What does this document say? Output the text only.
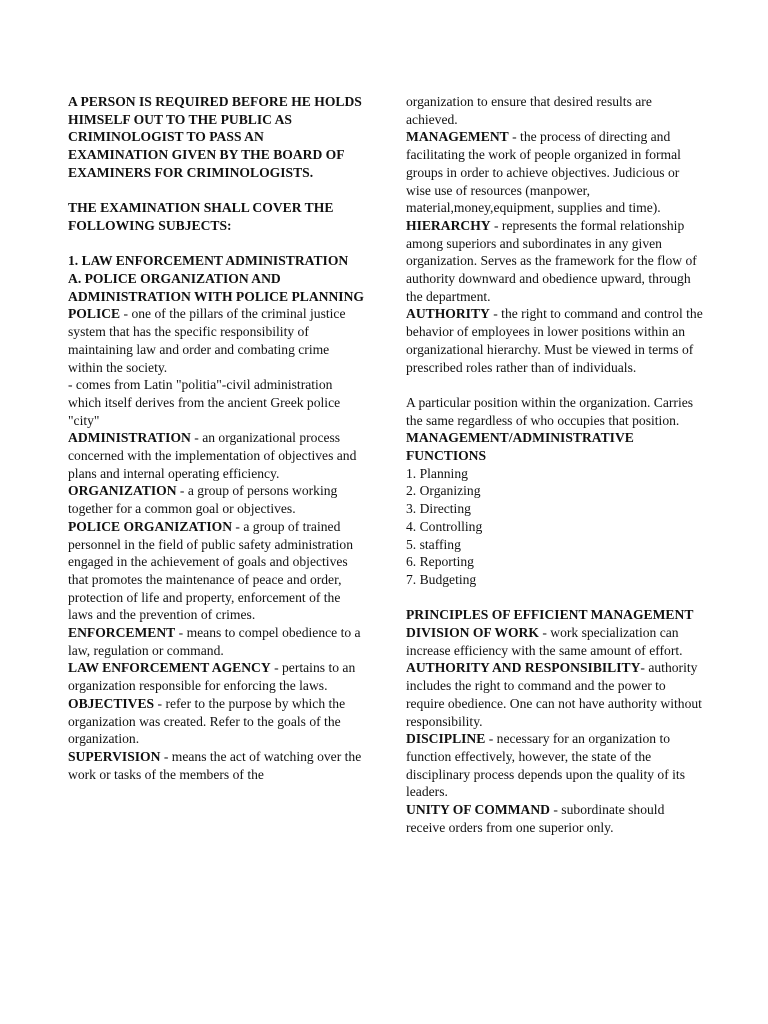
A PERSON IS REQUIRED BEFORE HE HOLDS HIMSELF OUT TO THE PUBLIC AS CRIMINOLOGIST TO PASS AN EXAMINATION GIVEN BY THE BOARD OF EXAMINERS FOR CRIMINOLOGISTS.

THE EXAMINATION SHALL COVER THE FOLLOWING SUBJECTS:

1. LAW ENFORCEMENT ADMINISTRATION

A. POLICE ORGANIZATION AND ADMINISTRATION WITH POLICE PLANNING

POLICE - one of the pillars of the criminal justice system that has the specific responsibility of maintaining law and order and combating crime within the society.

- comes from Latin "politia"-civil administration which itself derives from the ancient Greek police "city"

ADMINISTRATION - an organizational process concerned with the implementation of objectives and plans and internal operating efficiency.

ORGANIZATION - a group of persons working together for a common goal or objectives.

POLICE ORGANIZATION - a group of trained personnel in the field of public safety administration engaged in the achievement of goals and objectives that promotes the maintenance of peace and order, protection of life and property, enforcement of the laws and the prevention of crimes.

ENFORCEMENT - means to compel obedience to a law, regulation or command.

LAW ENFORCEMENT AGENCY - pertains to an organization responsible for enforcing the laws.

OBJECTIVES - refer to the purpose by which the organization was created. Refer to the goals of the organization.

SUPERVISION - means the act of watching over the work or tasks of the members of the

organization to ensure that desired results are achieved.

MANAGEMENT - the process of directing and facilitating the work of people organized in formal groups in order to achieve objectives. Judicious or wise use of resources (manpower, material,money,equipment, supplies and time).

HIERARCHY - represents the formal relationship among superiors and subordinates in any given organization. Serves as the framework for the flow of authority downward and obedience upward, through the department.

AUTHORITY - the right to command and control the behavior of employees in lower positions within an organizational hierarchy. Must be viewed in terms of prescribed roles rather than of individuals.

A particular position within the organization. Carries the same regardless of who occupies that position.

MANAGEMENT/ADMINISTRATIVE FUNCTIONS

1. Planning

2. Organizing

3. Directing

4. Controlling

5. staffing

6. Reporting

7. Budgeting

PRINCIPLES OF EFFICIENT MANAGEMENT

DIVISION OF WORK - work specialization can increase efficiency with the same amount of effort. AUTHORITY AND RESPONSIBILITY- authority includes the right to command and the power to require obedience. One can not have authority without responsibility.

DISCIPLINE - necessary for an organization to function effectively, however, the state of the disciplinary process depends upon the quality of its leaders.

UNITY OF COMMAND - subordinate should receive orders from one superior only.
